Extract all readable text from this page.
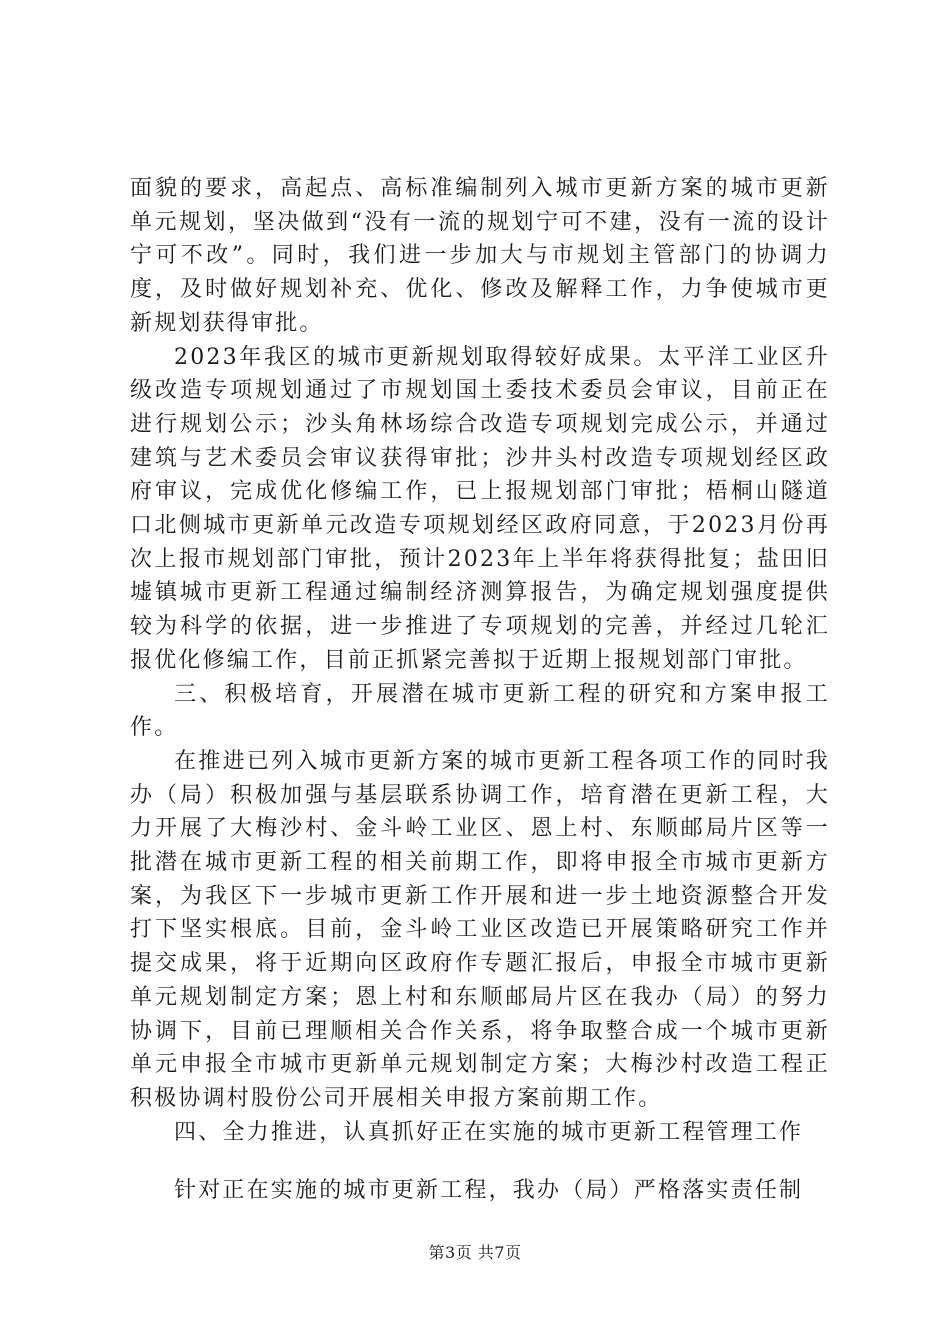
面貌的要求，高起点、高标准编制列入城市更新方案的城市更新单元规划，坚决做到“没有一流的规划宁可不建，没有一流的设计宁可不改”。同时，我们进一步加大与市规划主管部门的协调力度，及时做好规划补充、优化、修改及解释工作，力争使城市更新规划获得审批。

2023年我区的城市更新规划取得较好成果。太平洋工业区升级改造专项规划通过了市规划国土委技术委员会审议，目前正在进行规划公示；沙头角林场综合改造专项规划完成公示，并通过建筑与艺术委员会审议获得审批；沙井头村改造专项规划经区政府审议，完成优化修编工作，已上报规划部门审批；梧桐山隧道口北侧城市更新单元改造专项规划经区政府同意，于2023月份再次上报市规划部门审批，预计2023年上半年将获得批复；盐田旧墟镇城市更新工程通过编制经济测算报告，为确定规划强度提供较为科学的依据，进一步推进了专项规划的完善，并经过几轮汇报优化修编工作，目前正抓紧完善拟于近期上报规划部门审批。

三、积极培育，开展潜在城市更新工程的研究和方案申报工作。

在推进已列入城市更新方案的城市更新工程各项工作的同时我办（局）积极加强与基层联系协调工作，培育潜在更新工程，大力开展了大梅沙村、金斗岭工业区、恩上村、东顺邮局片区等一批潜在城市更新工程的相关前期工作，即将申报全市城市更新方案，为我区下一步城市更新工作开展和进一步土地资源整合开发打下坚实根底。目前，金斗岭工业区改造已开展策略研究工作并提交成果，将于近期向区政府作专题汇报后，申报全市城市更新单元规划制定方案；恩上村和东顺邮局片区在我办（局）的努力协调下，目前已理顺相关合作关系，将争取整合成一个城市更新单元申报全市城市更新单元规划制定方案；大梅沙村改造工程正积极协调村股份公司开展相关申报方案前期工作。

四、全力推进，认真抓好正在实施的城市更新工程管理工作

针对正在实施的城市更新工程，我办（局）严格落实责任制

第3页 共7页
